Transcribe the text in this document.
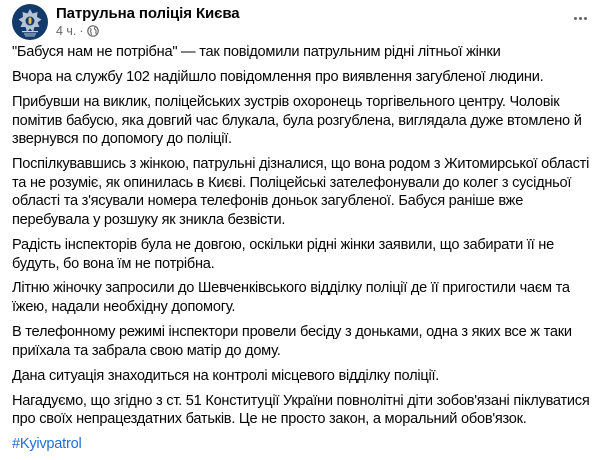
Патрульна поліція Києва
4 ч. ·

"Бабуся нам не потрібна" — так повідомили патрульним рідні літньої жінки

Вчора на службу 102 надійшло повідомлення про виявлення загубленої людини.

Прибувши на виклик, поліцейських зустрів охоронець торгівельного центру. Чоловік помітив бабусю, яка довгий час блукала, була розгублена, виглядала дуже втомлено й звернувся по допомогу до поліції.

Поспілкувавшись з жінкою, патрульні дізналися, що вона родом з Житомирської області та не розуміє, як опинилась в Києві. Поліцейські зателефонували до колег з сусідньої області та з'ясували номера телефонів доньок загубленої. Бабуся раніше вже перебувала у розшуку як зникла безвісти.

Радість інспекторів була не довгою, оскільки рідні жінки заявили, що забирати її не будуть, бо вона їм не потрібна.

Літню жіночку запросили до Шевченківського відділку поліції де її пригостили чаєм та їжею, надали необхідну допомогу.

В телефонному режимі інспектори провели бесіду з доньками, одна з яких все ж таки приїхала та забрала свою матір до дому.

Дана ситуація знаходиться на контролі місцевого відділку поліції.

Нагадуємо, що згідно з ст. 51 Конституції України повнолітні діти зобов'язані піклуватися про своїх непрацездатних батьків. Це не просто закон, а моральний обов'язок.

#Kyivpatrol
